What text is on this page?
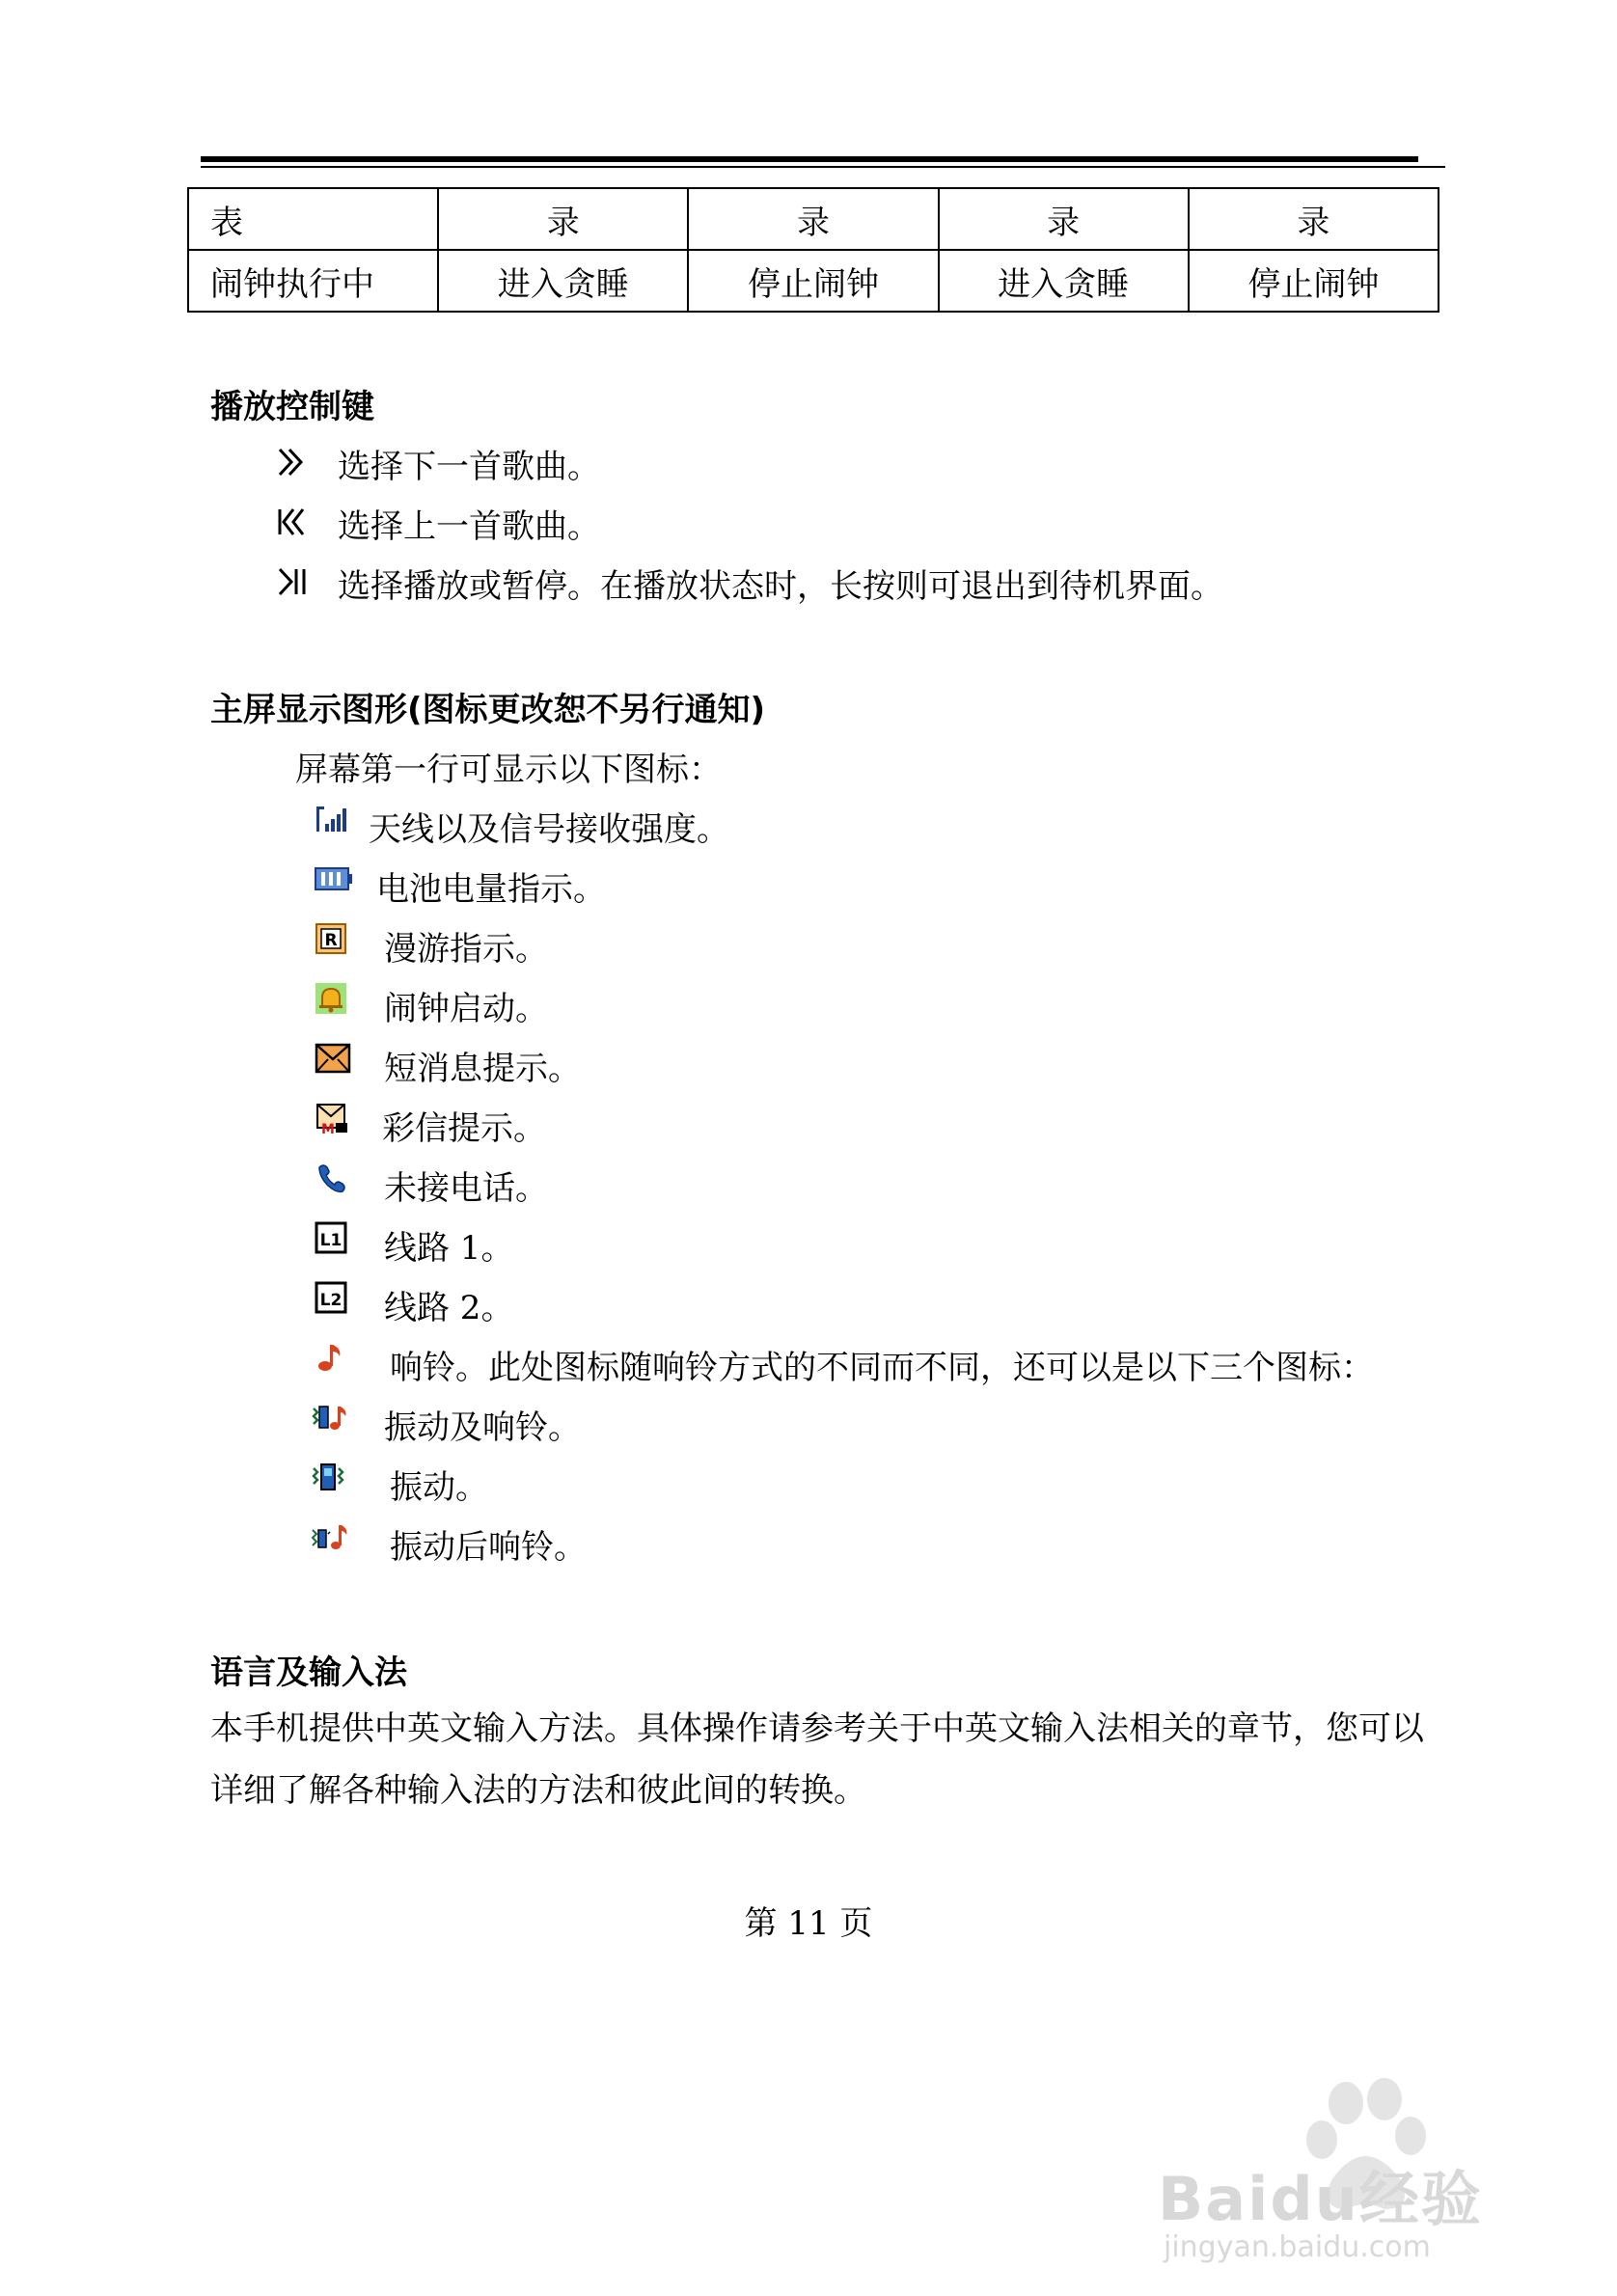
表	录	录	录	录
闹钟执行中	进入贪睡	停止闹钟	进入贪睡	停止闹钟
播放控制键
选择下一首歌曲。
选择上一首歌曲。
选择播放或暂停。在播放状态时，长按则可退出到待机界面。
主屏显示图形(图标更改恕不另行通知)
屏幕第一行可显示以下图标：
天线以及信号接收强度。
电池电量指示。
R 漫游指示。
闹钟启动。
短消息提示。
M 彩信提示。
未接电话。
L1 线路 1。
L2 线路 2。
响铃。此处图标随响铃方式的不同而不同，还可以是以下三个图标：
振动及响铃。
振动。
振动后响铃。
语言及输入法
本手机提供中英文输入方法。具体操作请参考关于中英文输入法相关的章节，您可以详细了解各种输入法的方法和彼此间的转换。
第 11 页
Baidu经验
jingyan.baidu.com
